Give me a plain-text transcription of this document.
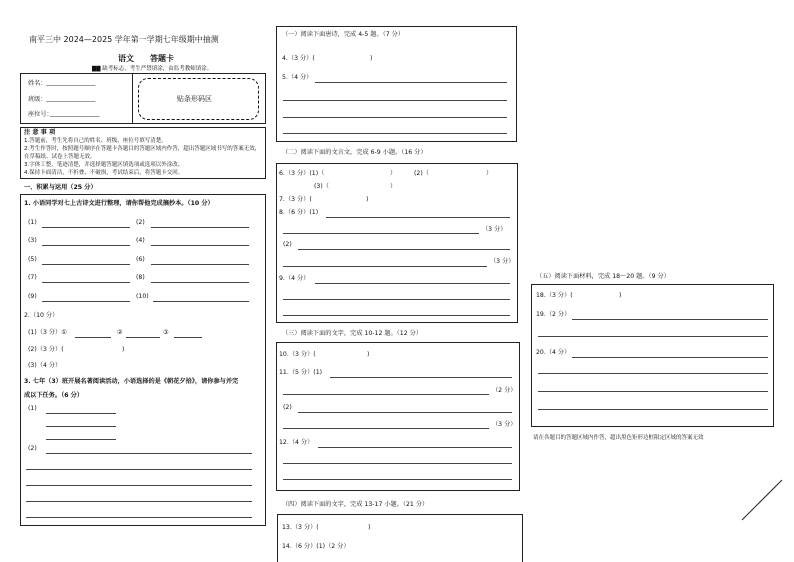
南平三中 2024—2025 学年第一学期七年级期中抽测
语文　　答题卡
▇▇ 缺考标志，考生严禁填涂，由监考教师填涂。
姓名： ________________
班级： ________________
座位号：
________________
贴条形码区
注 意 事 项
1.答题前，考生先将自己的姓名、班级、座位号填写清楚。
2.考生作答时，按照题号顺序在答题卡各题目的答题区域内作答，超出答题区域书写的答案无效，
在草稿纸、试卷上答题无效。
3.字体工整，笔迹清楚，并选择题答题区填选项或选项以外涂改、
4.保持卡面清洁，不折叠、不破损，考试结束后，将答题卡交回。
一、积累与运用（25 分）
1. 小语同学对七上古诗文进行整理，请你帮他完成摘抄本。（10 分）
(1)	(2)
(3)	(4)
(5)	(6)
(7)	(8)
(9)	(10)
2.（10 分）
(1)（3 分）①	②	③
(2)（3 分）(	)
(3)（4 分）
3. 七年（3）班开展名著阅读活动，小语选择的是《朝花夕拾》，请你参与并完
成以下任务。（6 分）
(1)
(2)
（一）阅读下面唐诗，完成 4-5 题。（7 分）
4.（3 分）(	)
5.（4 分）
（二）阅读下面的文言文，完成 6-9 小题。（16 分）
6.（3 分）(1)（	）	(2)（	）
(3)（	）
7.（3 分）(	)
8.（6 分）(1)
（3 分）
(2)
（3 分）
9.（4 分）
（三）阅读下面的文字，完成 10-12 题。（12 分）
10.（3 分）(	)
11.（5 分）(1)
（2 分）
(2)
（3 分）
12.（4 分）
（四）阅读下面的文字，完成 13-17 小题。（21 分）
13.（3 分）(	)
14.（6 分）(1)（2 分）
（五）阅读下面材料，完成 18～20 题。（9 分）
18.（3 分）(	)
19.（2 分）
20.（4 分）
请在各题目的答题区域内作答，超出黑色矩形边框限定区域的答案无效
